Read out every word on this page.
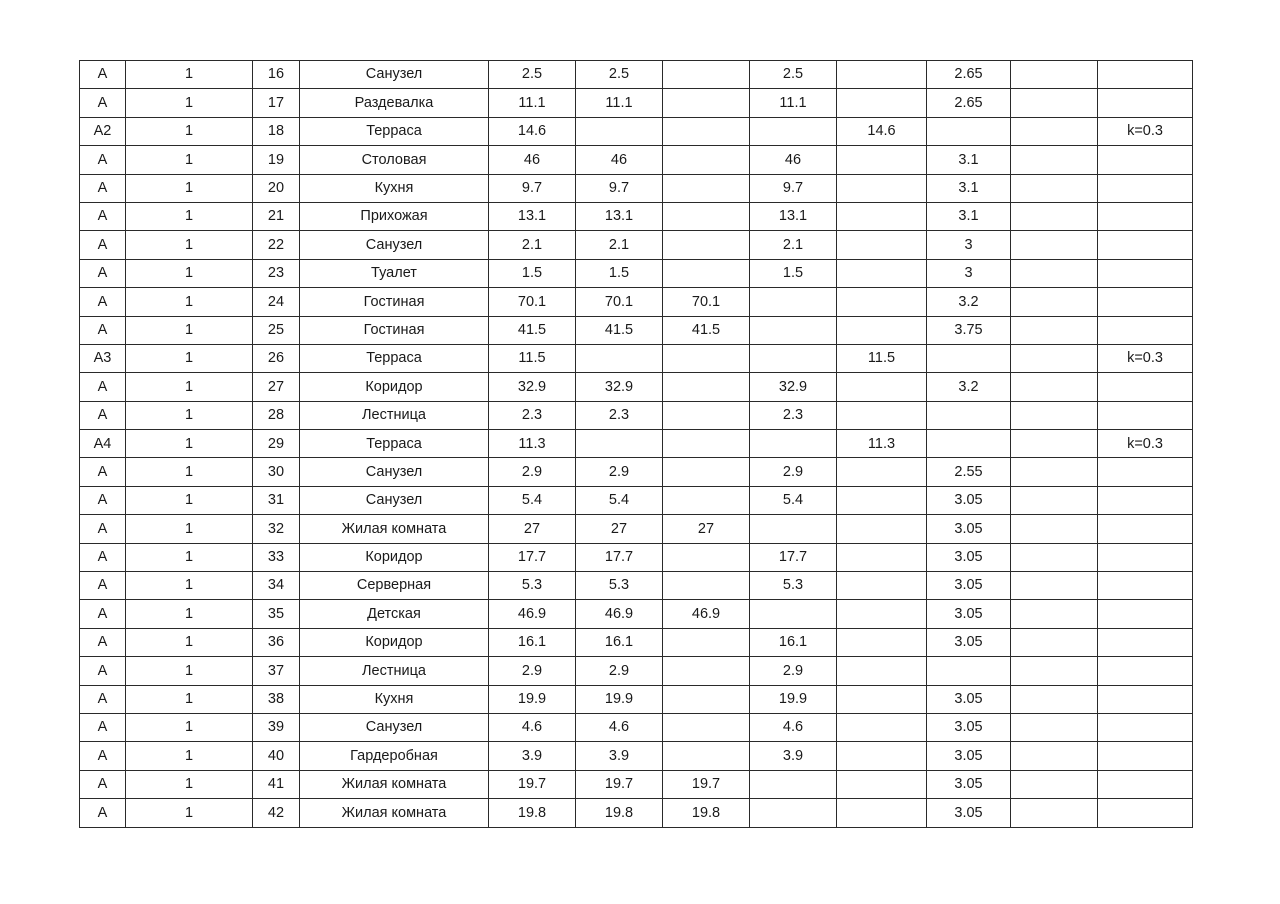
А	1	16	Санузел	2.5	2.5		2.5		2.65		
А	1	17	Раздевалка	11.1	11.1		11.1		2.65		
А2	1	18	Терраса	14.6				14.6			k=0.3
А	1	19	Столовая	46	46		46		3.1		
А	1	20	Кухня	9.7	9.7		9.7		3.1		
А	1	21	Прихожая	13.1	13.1		13.1		3.1		
А	1	22	Санузел	2.1	2.1		2.1		3		
А	1	23	Туалет	1.5	1.5		1.5		3		
А	1	24	Гостиная	70.1	70.1	70.1			3.2		
А	1	25	Гостиная	41.5	41.5	41.5			3.75		
А3	1	26	Терраса	11.5				11.5			k=0.3
А	1	27	Коридор	32.9	32.9		32.9		3.2		
А	1	28	Лестница	2.3	2.3		2.3				
А4	1	29	Терраса	11.3				11.3			k=0.3
А	1	30	Санузел	2.9	2.9		2.9		2.55		
А	1	31	Санузел	5.4	5.4		5.4		3.05		
А	1	32	Жилая комната	27	27	27			3.05		
А	1	33	Коридор	17.7	17.7		17.7		3.05		
А	1	34	Серверная	5.3	5.3		5.3		3.05		
А	1	35	Детская	46.9	46.9	46.9			3.05		
А	1	36	Коридор	16.1	16.1		16.1		3.05		
А	1	37	Лестница	2.9	2.9		2.9				
А	1	38	Кухня	19.9	19.9		19.9		3.05		
А	1	39	Санузел	4.6	4.6		4.6		3.05		
А	1	40	Гардеробная	3.9	3.9		3.9		3.05		
А	1	41	Жилая комната	19.7	19.7	19.7			3.05		
А	1	42	Жилая комната	19.8	19.8	19.8			3.05		
